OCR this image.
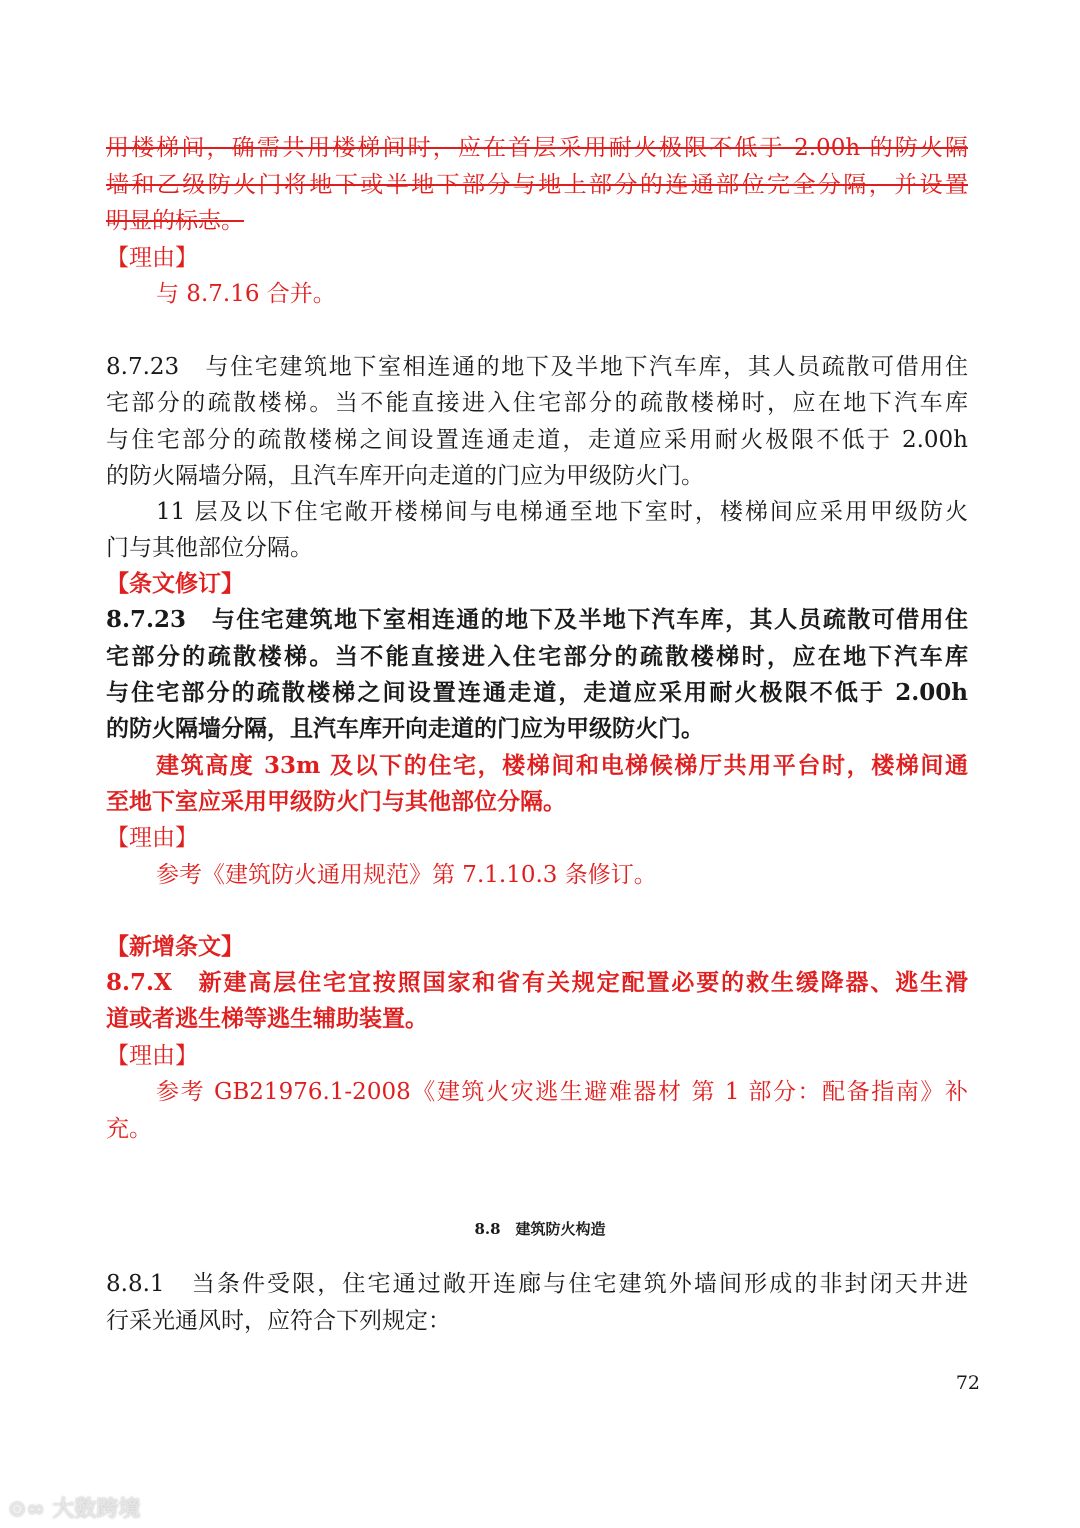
用楼梯间，确需共用楼梯间时，应在首层采用耐火极限不低于 2.00h 的防火隔
墙和乙级防火门将地下或半地下部分与地上部分的连通部位完全分隔，并设置
明显的标志。
【理由】
与 8.7.16 合并。
8.7.23　与住宅建筑地下室相连通的地下及半地下汽车库，其人员疏散可借用住
宅部分的疏散楼梯。当不能直接进入住宅部分的疏散楼梯时，应在地下汽车库
与住宅部分的疏散楼梯之间设置连通走道，走道应采用耐火极限不低于 2.00h
的防火隔墙分隔，且汽车库开向走道的门应为甲级防火门。
11 层及以下住宅敞开楼梯间与电梯通至地下室时，楼梯间应采用甲级防火
门与其他部位分隔。
【条文修订】
8.7.23　与住宅建筑地下室相连通的地下及半地下汽车库，其人员疏散可借用住
宅部分的疏散楼梯。当不能直接进入住宅部分的疏散楼梯时，应在地下汽车库
与住宅部分的疏散楼梯之间设置连通走道，走道应采用耐火极限不低于 2.00h
的防火隔墙分隔，且汽车库开向走道的门应为甲级防火门。
建筑高度 33m 及以下的住宅，楼梯间和电梯候梯厅共用平台时，楼梯间通
至地下室应采用甲级防火门与其他部位分隔。
【理由】
参考《建筑防火通用规范》第 7.1.10.3 条修订。
【新增条文】
8.7.X　新建高层住宅宜按照国家和省有关规定配置必要的救生缓降器、逃生滑
道或者逃生梯等逃生辅助装置。
【理由】
参考 GB21976.1-2008《建筑火灾逃生避难器材 第 1 部分：配备指南》补
充。
8.8　建筑防火构造
8.8.1　当条件受限，住宅通过敞开连廊与住宅建筑外墙间形成的非封闭天井进
行采光通风时，应符合下列规定：
72
⊙∞ 大数跨境
